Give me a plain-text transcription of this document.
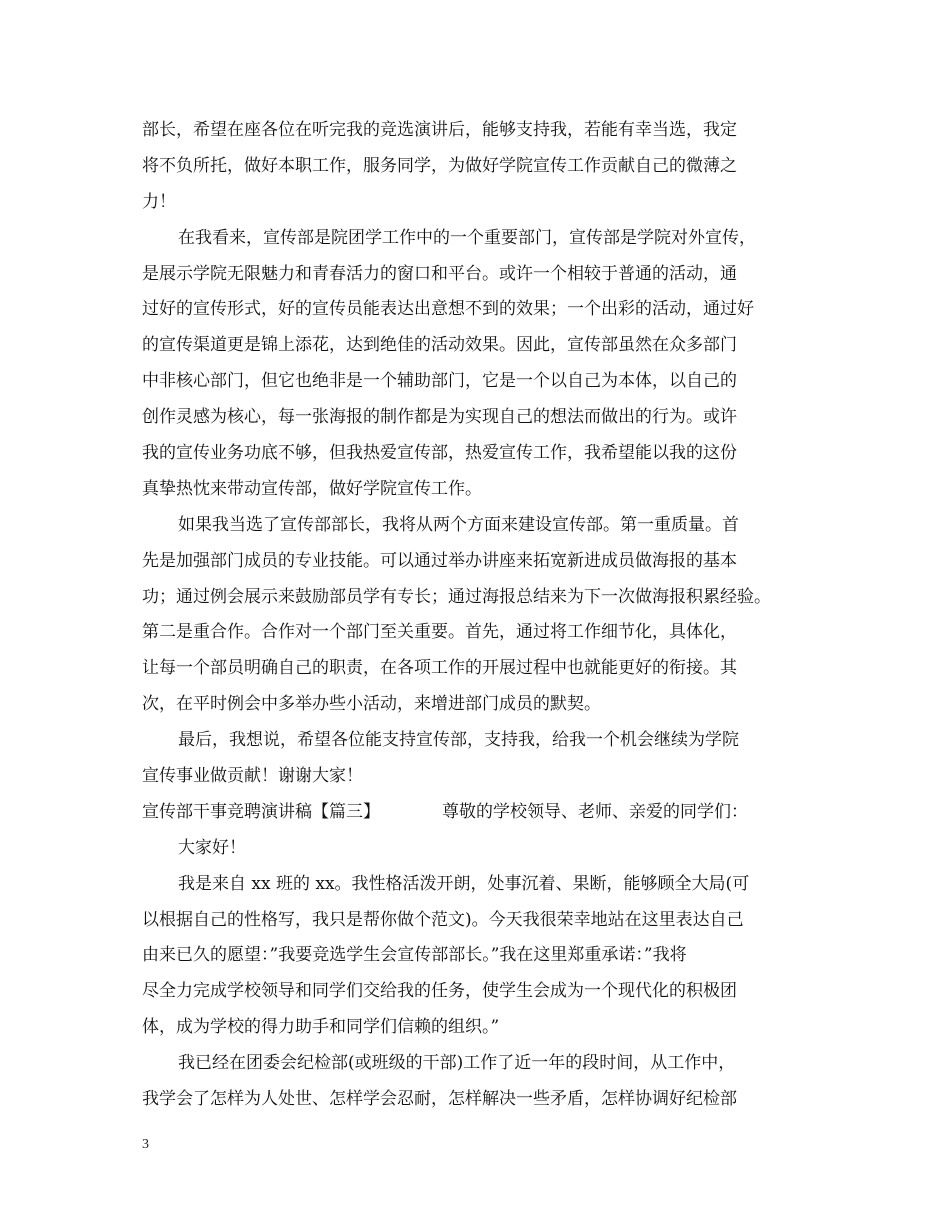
部长，希望在座各位在听完我的竞选演讲后，能够支持我，若能有幸当选，我定
将不负所托，做好本职工作，服务同学，为做好学院宣传工作贡献自己的微薄之
力！
在我看来，宣传部是院团学工作中的一个重要部门，宣传部是学院对外宣传，
是展示学院无限魅力和青春活力的窗口和平台。或许一个相较于普通的活动，通
过好的宣传形式，好的宣传员能表达出意想不到的效果；一个出彩的活动，通过好
的宣传渠道更是锦上添花，达到绝佳的活动效果。因此，宣传部虽然在众多部门
中非核心部门，但它也绝非是一个辅助部门，它是一个以自己为本体，以自己的
创作灵感为核心，每一张海报的制作都是为实现自己的想法而做出的行为。或许
我的宣传业务功底不够，但我热爱宣传部，热爱宣传工作，我希望能以我的这份
真挚热忱来带动宣传部，做好学院宣传工作。
如果我当选了宣传部部长，我将从两个方面来建设宣传部。第一重质量。首
先是加强部门成员的专业技能。可以通过举办讲座来拓宽新进成员做海报的基本
功；通过例会展示来鼓励部员学有专长；通过海报总结来为下一次做海报积累经验。
第二是重合作。合作对一个部门至关重要。首先，通过将工作细节化，具体化，
让每一个部员明确自己的职责，在各项工作的开展过程中也就能更好的衔接。其
次，在平时例会中多举办些小活动，来增进部门成员的默契。
最后，我想说，希望各位能支持宣传部，支持我，给我一个机会继续为学院
宣传事业做贡献！谢谢大家！
宣传部干事竞聘演讲稿【篇三】	尊敬的学校领导、老师、亲爱的同学们：
大家好！
我是来自 xx 班的 xx。我性格活泼开朗，处事沉着、果断，能够顾全大局(可
以根据自己的性格写，我只是帮你做个范文)。今天我很荣幸地站在这里表达自己
由来已久的愿望：”我要竞选学生会宣传部部长。”我在这里郑重承诺：”我将
尽全力完成学校领导和同学们交给我的任务，使学生会成为一个现代化的积极团
体，成为学校的得力助手和同学们信赖的组织。”
我已经在团委会纪检部(或班级的干部)工作了近一年的段时间，从工作中，
我学会了怎样为人处世、怎样学会忍耐，怎样解决一些矛盾，怎样协调好纪检部
3
